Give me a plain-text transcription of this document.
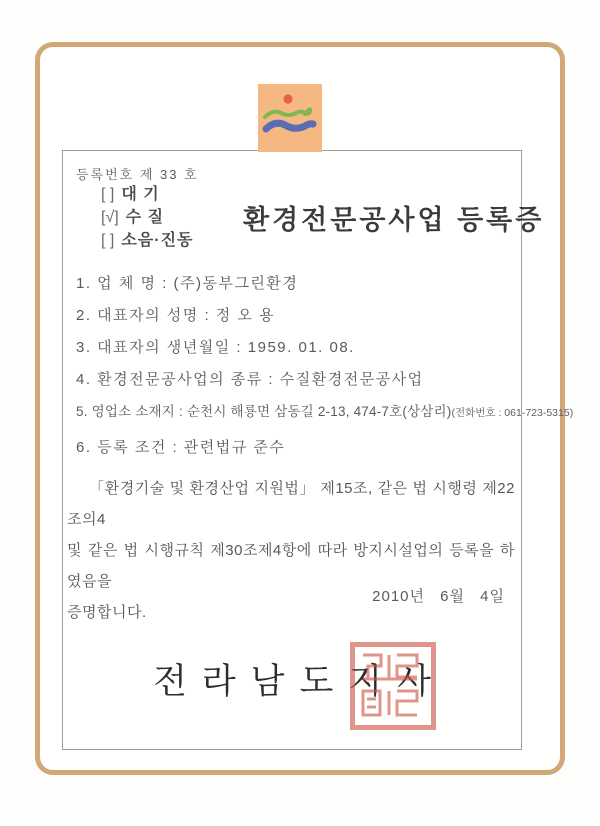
등록번호 제 33 호
[ ] 대 기
[√] 수 질
[ ] 소음·진동
환경전문공사업 등록증
1. 업 체 명 : (주)동부그린환경
2. 대표자의 성명 : 정 오 용
3. 대표자의 생년월일 : 1959. 01. 08.
4. 환경전문공사업의 종류 : 수질환경전문공사업
5. 영업소 소재지 : 순천시 해룡면 삼동길 2-13, 474-7호(상삼리)(전화번호 : 061-723-5315)
6. 등록 조건 : 관련법규 준수
「환경기술 및 환경산업 지원법」 제15조, 같은 법 시행령 제22조의4
및 같은 법 시행규칙 제30조제4항에 따라 방지시설업의 등록을 하였음을
증명합니다.
2010년 6월 4일
전라남도지사
